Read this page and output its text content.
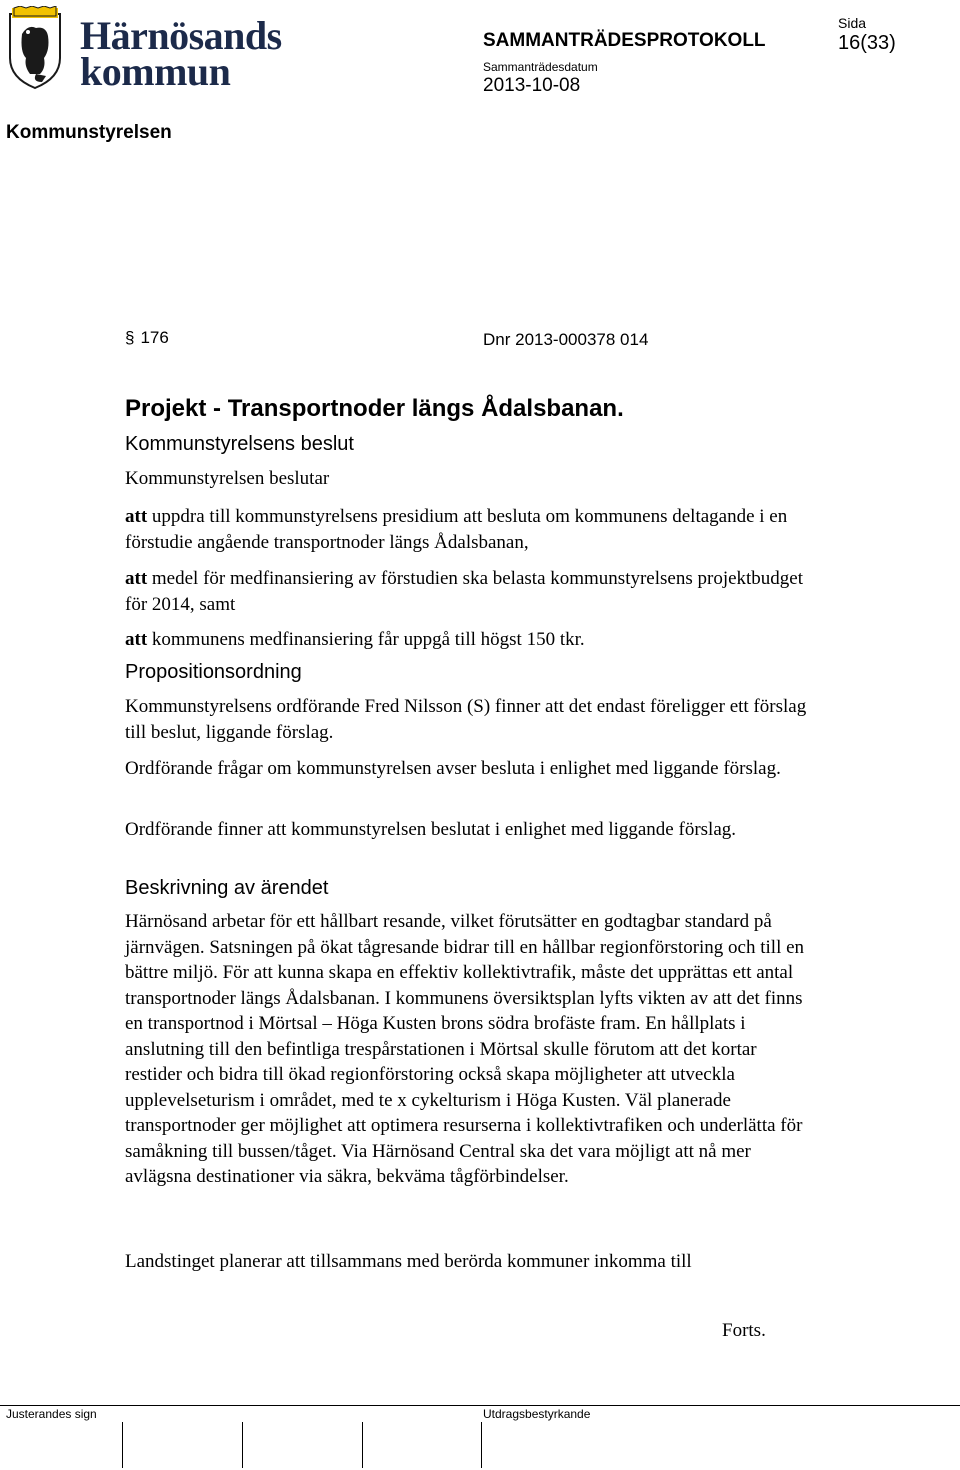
Härnösands
kommun
SAMMANTRÄDESPROTOKOLL
Sida
16(33)
Sammanträdesdatum
2013-10-08
Kommunstyrelsen
§ 176	Dnr 2013-000378 014
Projekt - Transportnoder längs Ådalsbanan.
Kommunstyrelsens beslut
Kommunstyrelsen beslutar
att uppdra till kommunstyrelsens presidium att besluta om kommunens deltagande i en förstudie angående transportnoder längs Ådalsbanan,
att medel för medfinansiering av förstudien ska belasta kommunstyrelsens projektbudget för 2014, samt
att kommunens medfinansiering får uppgå till högst 150 tkr.
Propositionsordning
Kommunstyrelsens ordförande Fred Nilsson (S) finner att det endast föreligger ett förslag till beslut, liggande förslag.
Ordförande frågar om kommunstyrelsen avser besluta i enlighet med liggande förslag.
Ordförande finner att kommunstyrelsen beslutat i enlighet med liggande förslag.
Beskrivning av ärendet
Härnösand arbetar för ett hållbart resande, vilket förutsätter en godtagbar standard på järnvägen. Satsningen på ökat tågresande bidrar till en hållbar regionförstoring och till en bättre miljö. För att kunna skapa en effektiv kollektivtrafik, måste det upprättas ett antal transportnoder längs Ådalsbanan. I kommunens översiktsplan lyfts vikten av att det finns en transportnod i Mörtsal – Höga Kusten brons södra brofäste fram. En hållplats i anslutning till den befintliga trespårstationen i Mörtsal skulle förutom att det kortar restider och bidra till ökad regionförstoring också skapa möjligheter att utveckla upplevelseturism i området, med te x cykelturism i Höga Kusten. Väl planerade transportnoder ger möjlighet att optimera resurserna i kollektivtrafiken och underlätta för samåkning till bussen/tåget. Via Härnösand Central ska det vara möjligt att nå mer avlägsna destinationer via säkra, bekväma tågförbindelser.
Landstinget planerar att tillsammans med berörda kommuner inkomma till
Forts.
Justerandes sign	Utdragsbestyrkande
